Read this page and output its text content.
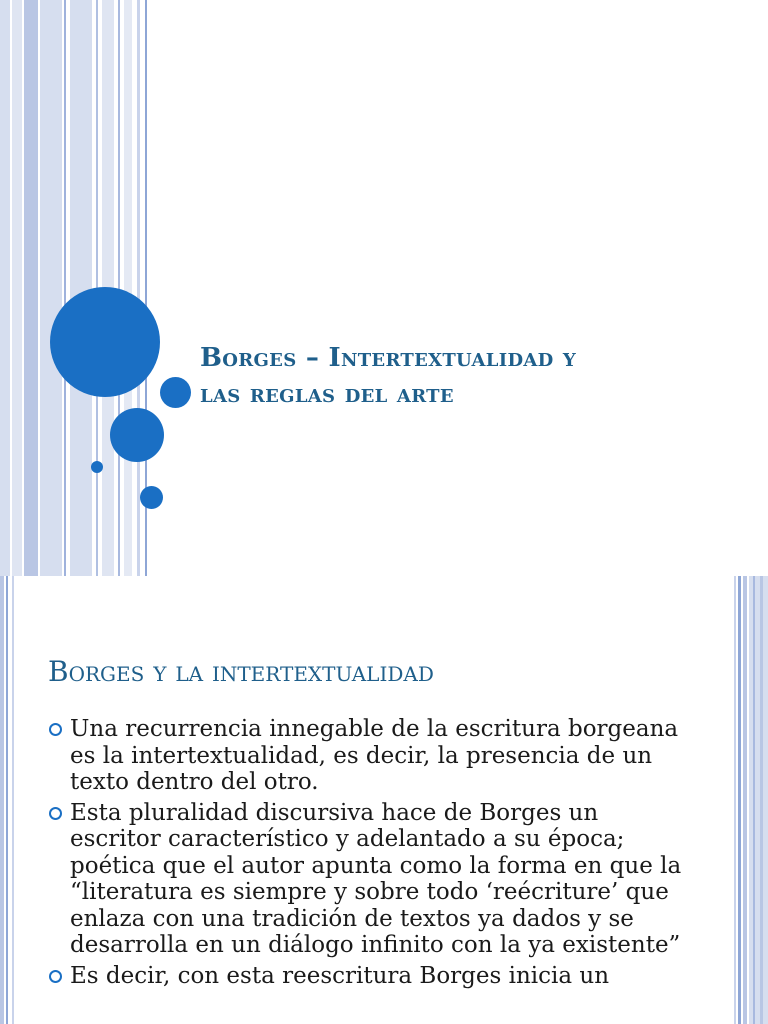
Borges – Intertextualidad y
las reglas del arte
Borges y la intertextualidad
Una recurrencia innegable de la escritura borgeana es la intertextualidad, es decir, la presencia de un texto dentro del otro.
Esta pluralidad discursiva hace de Borges un escritor característico y adelantado a su época; poética que el autor apunta como la forma en que la “literatura es siempre y sobre todo ‘reécriture’ que enlaza con una tradición de textos ya dados y se desarrolla en un diálogo infinito con la ya existente”
Es decir, con esta reescritura Borges inicia un
